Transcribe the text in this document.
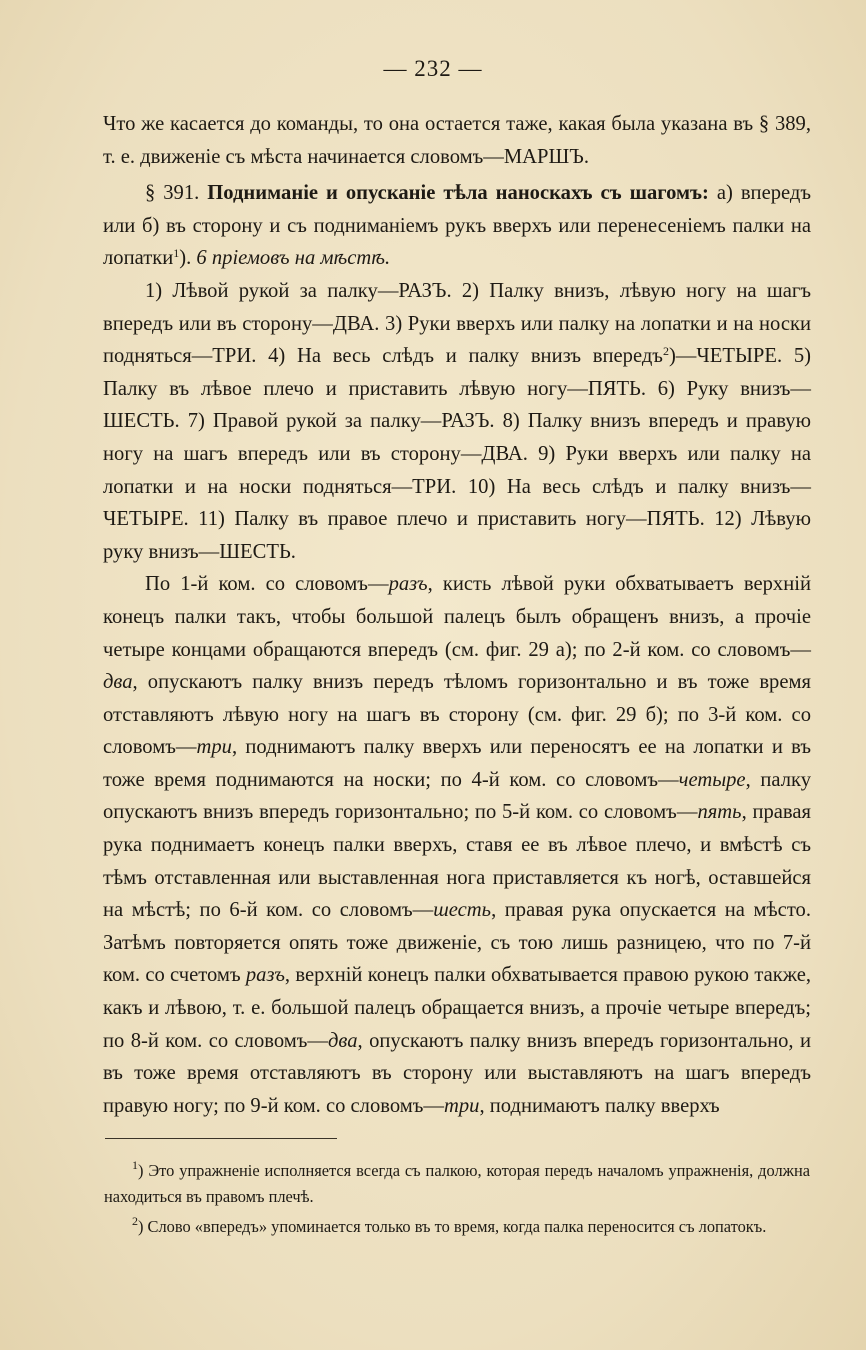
— 232 —

Что же касается до команды, то она остается таже, какая была указана въ § 389, т. е. движеніе съ мѣста начинается словомъ—МАРШЪ.

§ 391. Подниманіе и опусканіе тѣла наноскахъ съ шагомъ: а) впередъ или б) въ сторону и съ подниманіемъ рукъ вверхъ или перенесеніемъ палки на лопатки$^1$). 6 пріемовъ на мѣстѣ.

1) Лѣвой рукой за палку—РАЗЪ. 2) Палку внизъ, лѣвую ногу на шагъ впередъ или въ сторону—ДВА. 3) Руки вверхъ или палку на лопатки и на носки подняться—ТРИ. 4) На весь слѣдъ и палку внизъ впередъ$^2$)—ЧЕТЫРЕ. 5) Палку въ лѣвое плечо и приставить лѣвую ногу—ПЯТЬ. 6) Руку внизъ—ШЕСТЬ. 7) Правой рукой за палку—РАЗЪ. 8) Палку внизъ впередъ и правую ногу на шагъ впередъ или въ сторону—ДВА. 9) Руки вверхъ или палку на лопатки и на носки подняться—ТРИ. 10) На весь слѣдъ и палку внизъ—ЧЕТЫРЕ. 11) Палку въ правое плечо и приставить ногу—ПЯТЬ. 12) Лѣвую руку внизъ—ШЕСТЬ.

По 1-й ком. со словомъ—разъ, кисть лѣвой руки обхватываетъ верхній конецъ палки такъ, чтобы большой палецъ былъ обращенъ внизъ, а прочіе четыре концами обращаются впередъ (см. фиг. 29 а); по 2-й ком. со словомъ—два, опускаютъ палку внизъ передъ тѣломъ горизонтально и въ тоже время отставляютъ лѣвую ногу на шагъ въ сторону (см. фиг. 29 б); по 3-й ком. со словомъ—три, поднимаютъ палку вверхъ или переносятъ ее на лопатки и въ тоже время поднимаются на носки; по 4-й ком. со словомъ—четыре, палку опускаютъ внизъ впередъ горизонтально; по 5-й ком. со словомъ—пять, правая рука поднимаетъ конецъ палки вверхъ, ставя ее въ лѣвое плечо, и вмѣстѣ съ тѣмъ отставленная или выставленная нога приставляется къ ногѣ, оставшейся на мѣстѣ; по 6-й ком. со словомъ—шесть, правая рука опускается на мѣсто. Затѣмъ повторяется опять тоже движеніе, съ тою лишь разницею, что по 7-й ком. со счетомъ разъ, верхній конецъ палки обхватывается правою рукою также, какъ и лѣвою, т. е. большой палецъ обращается внизъ, а прочіе четыре впередъ; по 8-й ком. со словомъ—два, опускаютъ палку внизъ впередъ горизонтально, и въ тоже время отставляютъ въ сторону или выставляютъ на шагъ впередъ правую ногу; по 9-й ком. со словомъ—три, поднимаютъ палку вверхъ

$^1$) Это упражненіе исполняется всегда съ палкою, которая передъ началомъ упражненія, должна находиться въ правомъ плечѣ.

$^2$) Слово «впередъ» упоминается только въ то время, когда палка переносится съ лопатокъ.
